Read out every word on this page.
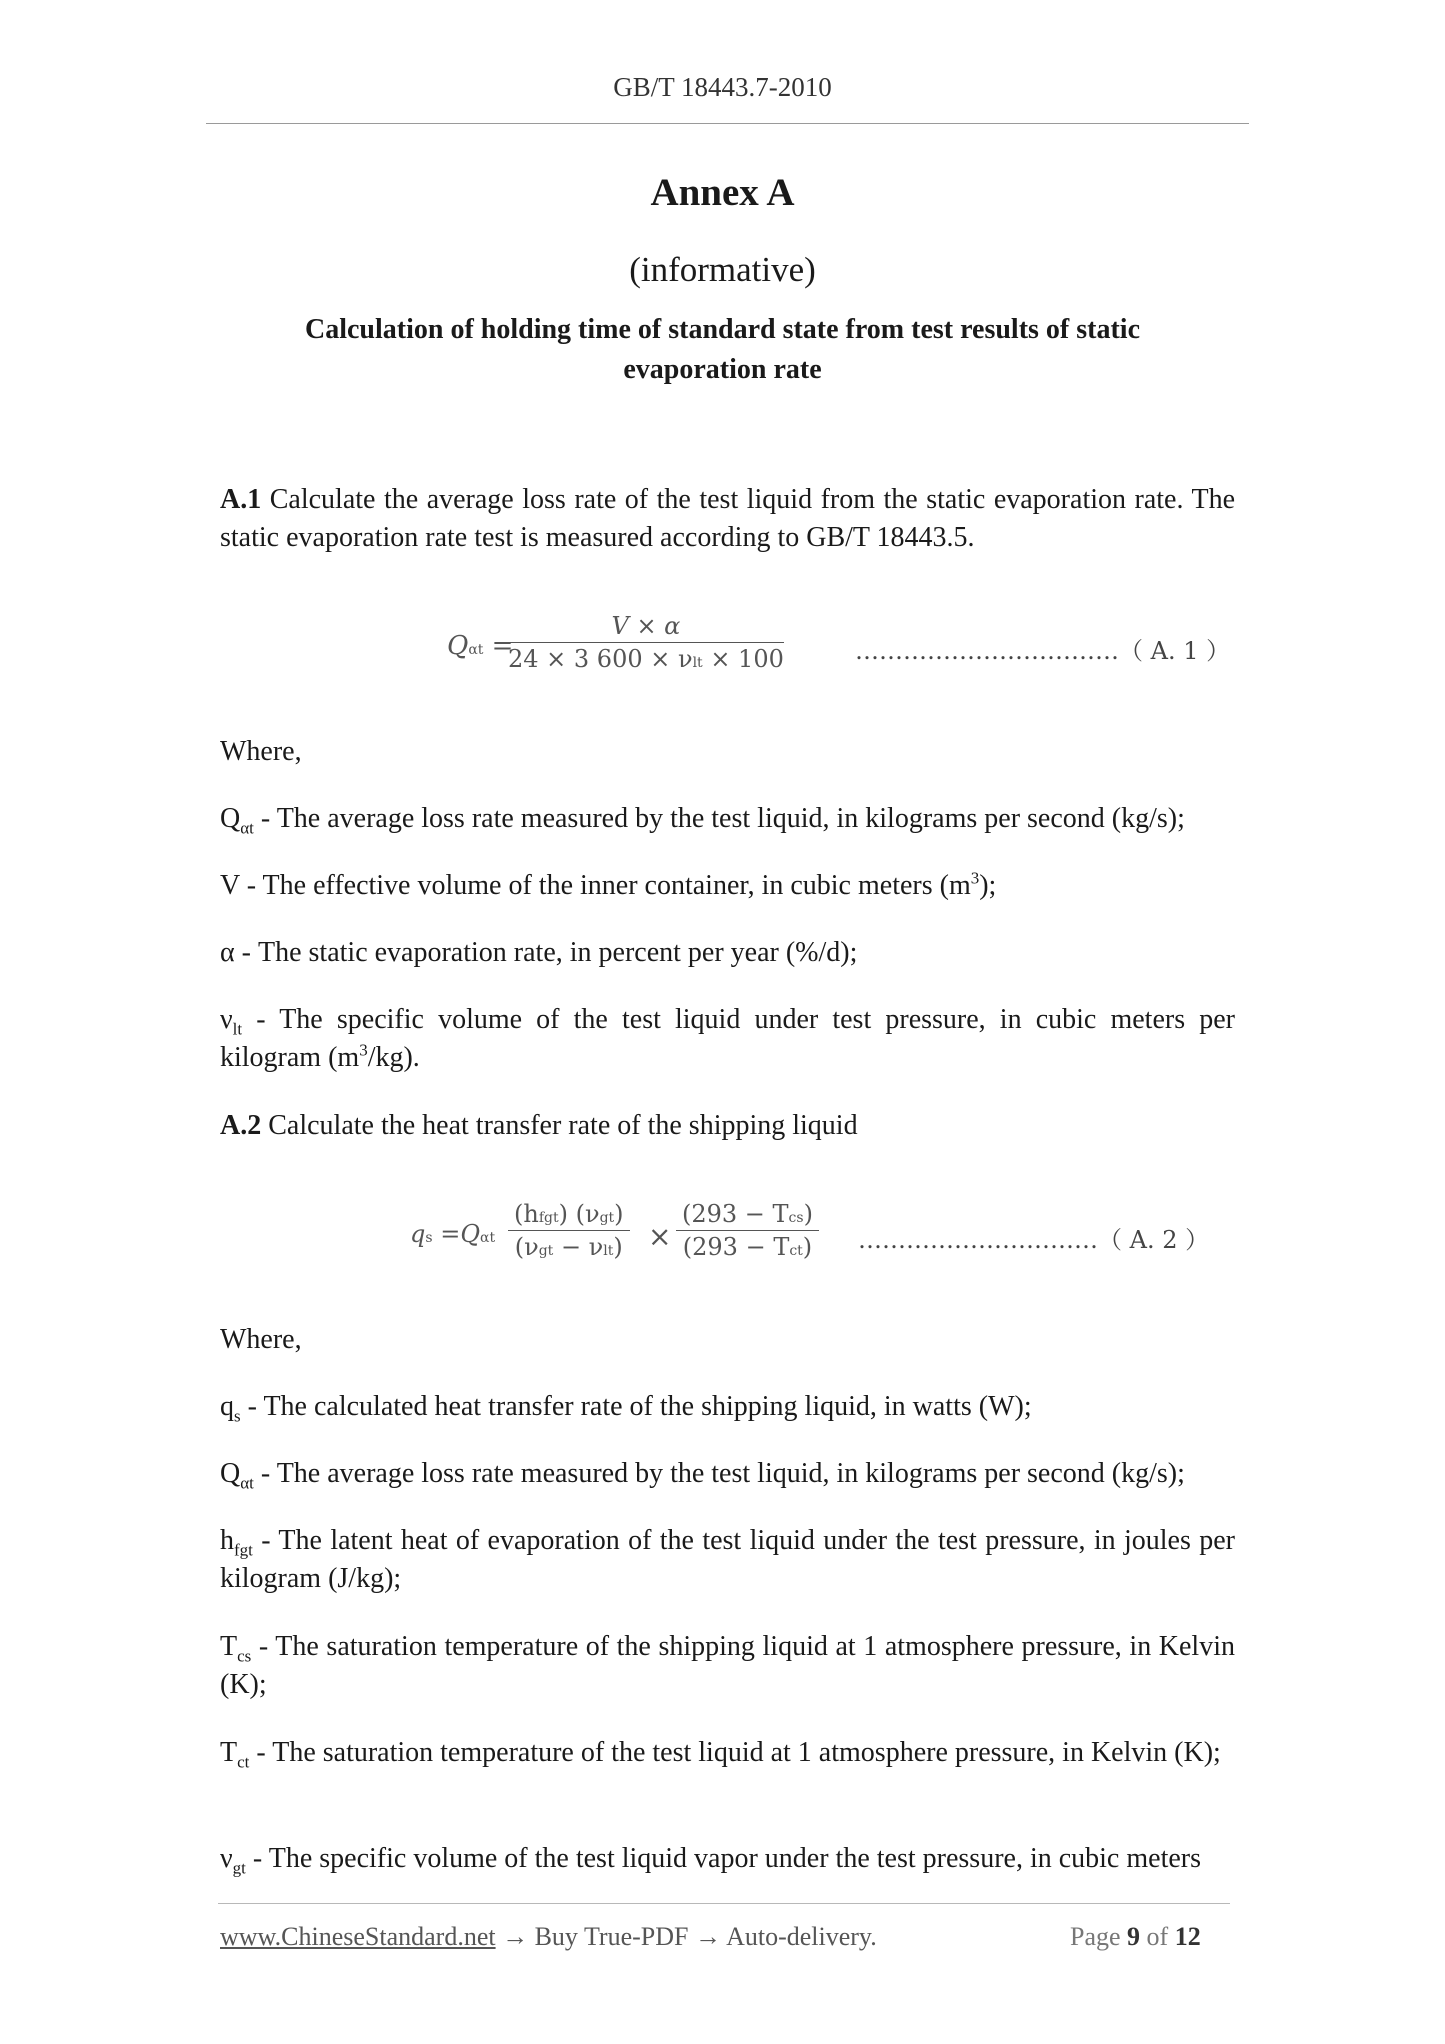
GB/T 18443.7-2010
Annex A
(informative)
Calculation of holding time of standard state from test results of static evaporation rate
A.1 Calculate the average loss rate of the test liquid from the static evaporation rate. The static evaporation rate test is measured according to GB/T 18443.5.
Qαt =
V × α
24 × 3 600 × νlt × 100	……………………………（ A. 1 ）
Where,
$Q_{\alpha t}$ - The average loss rate measured by the test liquid, in kilograms per second (kg/s);
V - The effective volume of the inner container, in cubic meters $(m^3)$;
α - The static evaporation rate, in percent per year (%/d);
$\nu_{lt}$ - The specific volume of the test liquid under test pressure, in cubic meters per kilogram $(m^3/kg)$.
A.2 Calculate the heat transfer rate of the shipping liquid
qs =Qαt
(hfgt) (νgt)
(νgt − νlt) ×
(293 − Tcs)
(293 − Tct) …………………………（ A. 2 ）
Where,
$q_s$ - The calculated heat transfer rate of the shipping liquid, in watts (W);
$Q_{\alpha t}$ - The average loss rate measured by the test liquid, in kilograms per second (kg/s);
$h_{fgt}$ - The latent heat of evaporation of the test liquid under the test pressure, in joules per kilogram (J/kg);
$T_{cs}$ - The saturation temperature of the shipping liquid at 1 atmosphere pressure, in Kelvin (K);
$T_{ct}$ - The saturation temperature of the test liquid at 1 atmosphere pressure, in Kelvin (K);
$\nu_{gt}$ - The specific volume of the test liquid vapor under the test pressure, in cubic meters
www.ChineseStandard.net → Buy True-PDF → Auto-delivery.	Page 9 of 12
